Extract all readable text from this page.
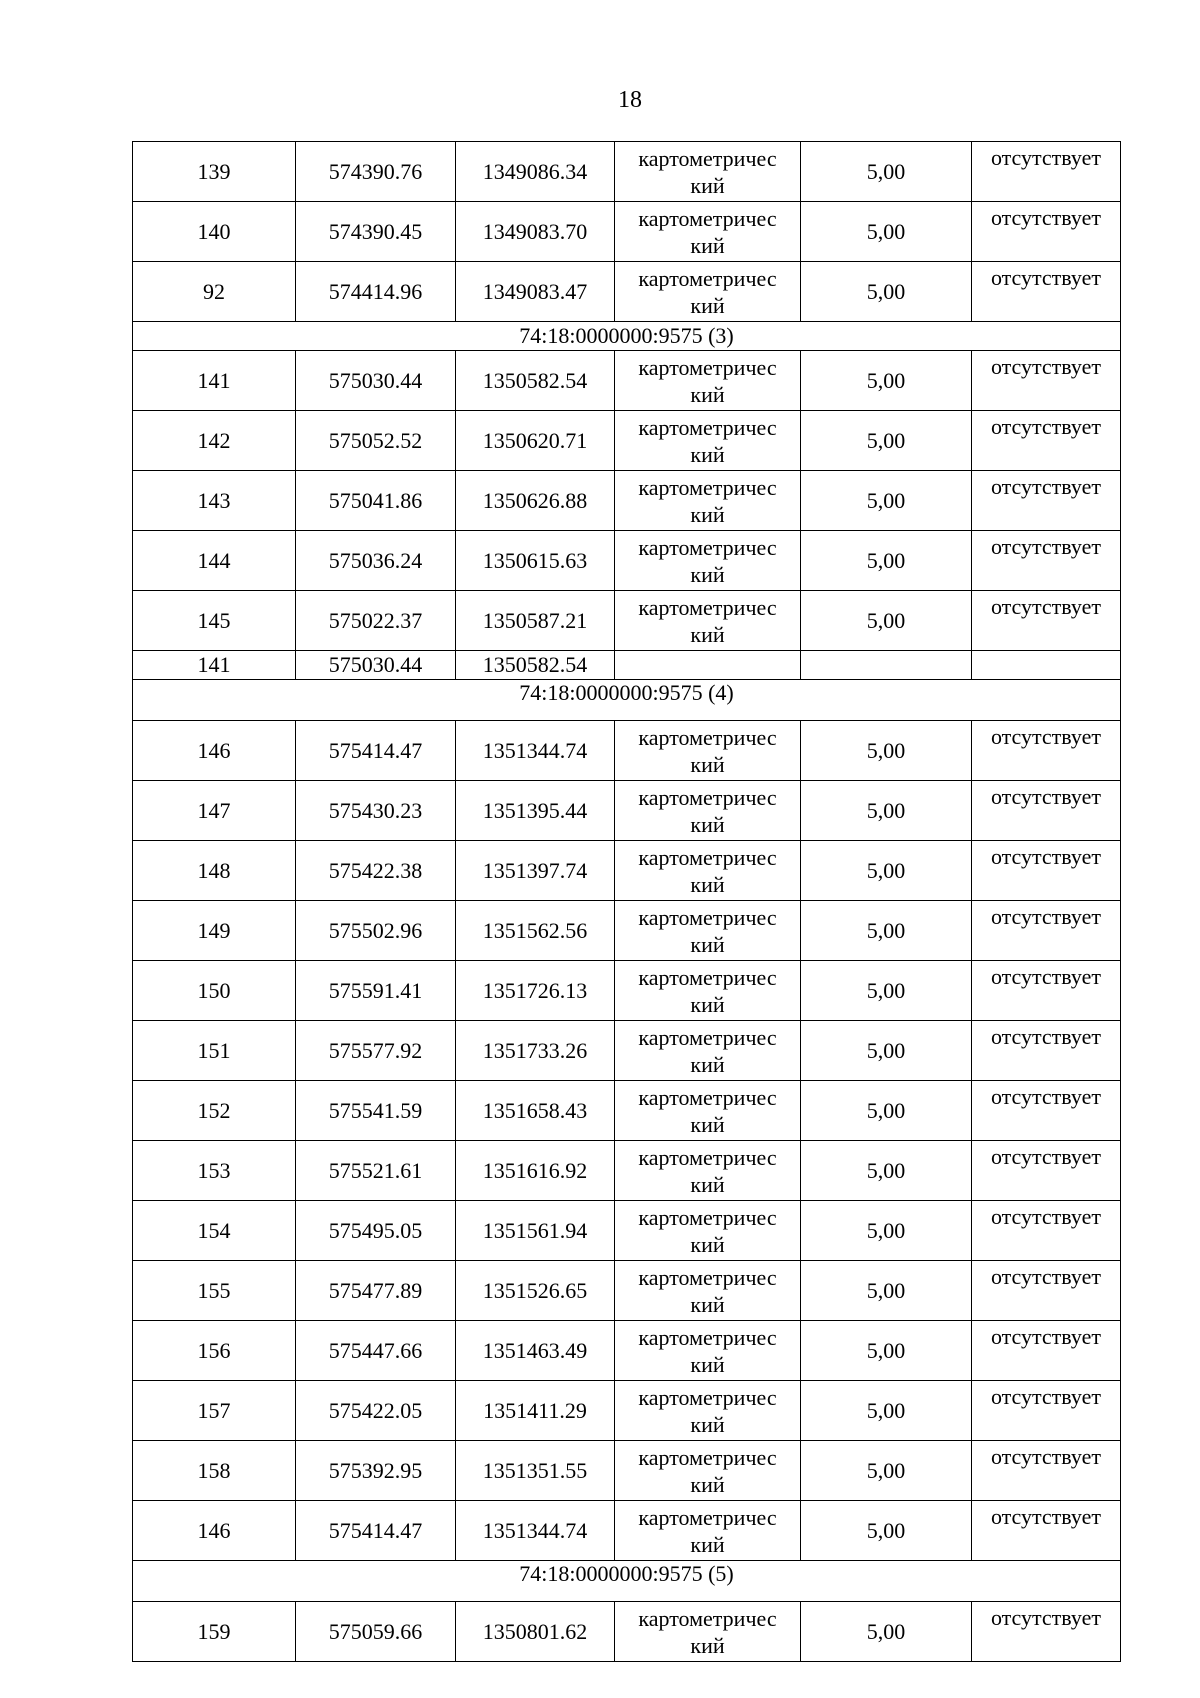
18
139	574390.76	1349086.34	картометричес кий	5,00	отсутствует
140	574390.45	1349083.70	картометричес кий	5,00	отсутствует
92	574414.96	1349083.47	картометричес кий	5,00	отсутствует
74:18:0000000:9575 (3)					
141	575030.44	1350582.54	картометричес кий	5,00	отсутствует
142	575052.52	1350620.71	картометричес кий	5,00	отсутствует
143	575041.86	1350626.88	картометричес кий	5,00	отсутствует
144	575036.24	1350615.63	картометричес кий	5,00	отсутствует
145	575022.37	1350587.21	картометричес кий	5,00	отсутствует
141	575030.44	1350582.54			
74:18:0000000:9575 (4)					
146	575414.47	1351344.74	картометричес кий	5,00	отсутствует
147	575430.23	1351395.44	картометричес кий	5,00	отсутствует
148	575422.38	1351397.74	картометричес кий	5,00	отсутствует
149	575502.96	1351562.56	картометричес кий	5,00	отсутствует
150	575591.41	1351726.13	картометричес кий	5,00	отсутствует
151	575577.92	1351733.26	картометричес кий	5,00	отсутствует
152	575541.59	1351658.43	картометричес кий	5,00	отсутствует
153	575521.61	1351616.92	картометричес кий	5,00	отсутствует
154	575495.05	1351561.94	картометричес кий	5,00	отсутствует
155	575477.89	1351526.65	картометричес кий	5,00	отсутствует
156	575447.66	1351463.49	картометричес кий	5,00	отсутствует
157	575422.05	1351411.29	картометричес кий	5,00	отсутствует
158	575392.95	1351351.55	картометричес кий	5,00	отсутствует
146	575414.47	1351344.74	картометричес кий	5,00	отсутствует
74:18:0000000:9575 (5)					
159	575059.66	1350801.62	картометричес кий	5,00	отсутствует
